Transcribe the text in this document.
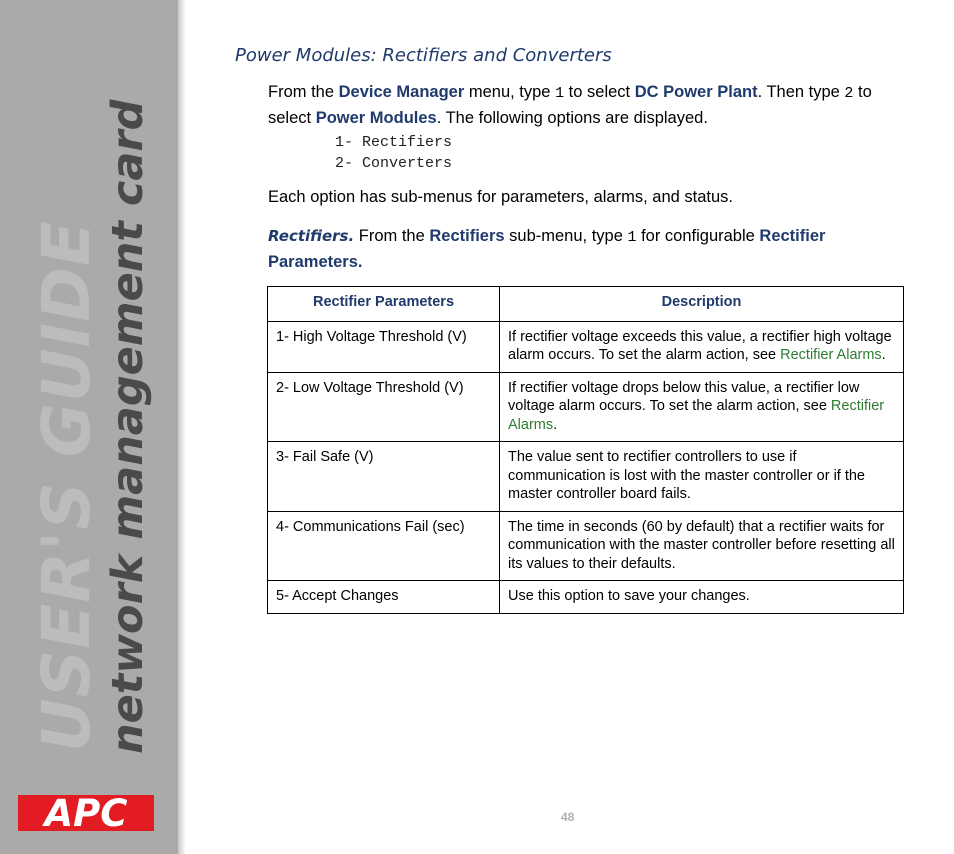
USER'S GUIDE
network management card
APC
Power Modules: Rectifiers and Converters

From the Device Manager menu, type 1 to select DC Power Plant. Then type 2 to select Power Modules. The following options are displayed.

1- Rectifiers
2- Converters

Each option has sub-menus for parameters, alarms, and status.

Rectifiers. From the Rectifiers sub-menu, type 1 for configurable Rectifier Parameters.

Rectifier Parameters	Description
1- High Voltage Threshold (V)	If rectifier voltage exceeds this value, a rectifier high voltage alarm occurs. To set the alarm action, see Rectifier Alarms.
2- Low Voltage Threshold (V)	If rectifier voltage drops below this value, a rectifier low voltage alarm occurs. To set the alarm action, see Rectifier Alarms.
3- Fail Safe (V)	The value sent to rectifier controllers to use if communication is lost with the master controller or if the master controller board fails.
4- Communications Fail (sec)	The time in seconds (60 by default) that a rectifier waits for communication with the master controller before resetting all its values to their defaults.
5- Accept Changes	Use this option to save your changes.
48
